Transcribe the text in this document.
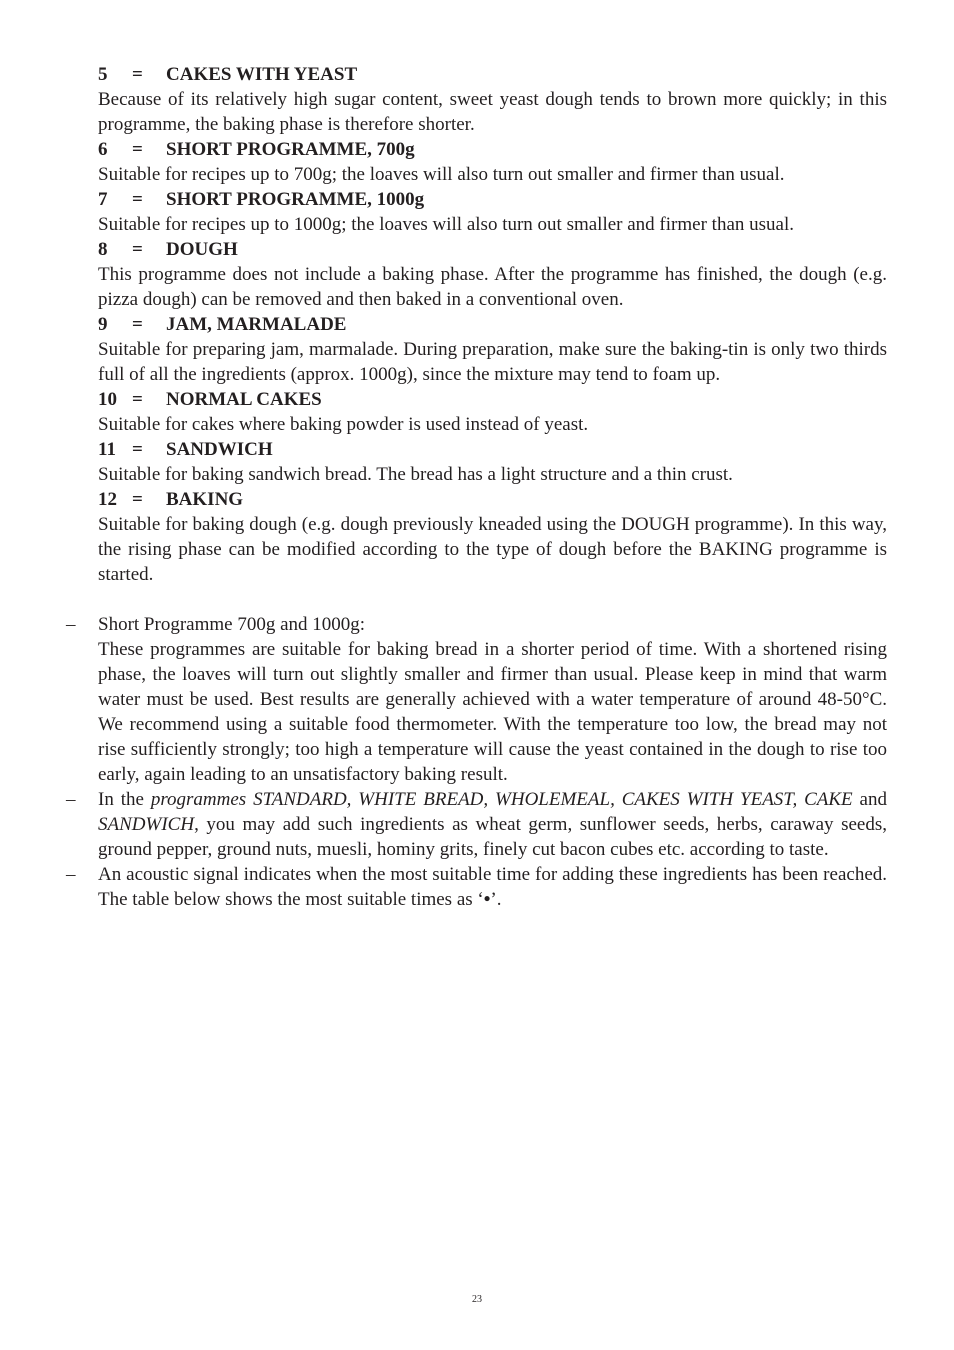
5	=	CAKES WITH YEAST

Because of its relatively high sugar content, sweet yeast dough tends to brown more quickly; in this programme, the baking phase is therefore shorter.

6	=	SHORT PROGRAMME, 700g

Suitable for recipes up to 700g; the loaves will also turn out smaller and firmer than usual.

7	=	SHORT PROGRAMME, 1000g

Suitable for recipes up to 1000g; the loaves will also turn out smaller and firmer than usual.

8	=	DOUGH

This programme does not include a baking phase. After the programme has finished, the dough (e.g. pizza dough) can be removed and then baked in a conventional oven.

9	=	JAM, MARMALADE

Suitable for preparing jam, marmalade. During preparation, make sure the baking-tin is only two thirds full of all the ingredients (approx. 1000g), since the mixture may tend to foam up.

10 =	NORMAL CAKES

Suitable for cakes where baking powder is used instead of yeast.

11 =	SANDWICH

Suitable for baking sandwich bread. The bread has a light structure and a thin crust.

12 =	BAKING

Suitable for baking dough (e.g. dough previously kneaded using the DOUGH programme). In this way, the rising phase can be modified according to the type of dough before the BAKING programme is started.

– Short Programme 700g and 1000g:
These programmes are suitable for baking bread in a shorter period of time. With a shortened rising phase, the loaves will turn out slightly smaller and firmer than usual. Please keep in mind that warm water must be used. Best results are generally achieved with a water temperature of around 48-50°C. We recommend using a suitable food thermometer. With the temperature too low, the bread may not rise sufficiently strongly; too high a temperature will cause the yeast contained in the dough to rise too early, again leading to an unsatisfactory baking result.
– In the programmes STANDARD, WHITE BREAD, WHOLEMEAL, CAKES WITH YEAST, CAKE and SANDWICH, you may add such ingredients as wheat germ, sunflower seeds, herbs, caraway seeds, ground pepper, ground nuts, muesli, hominy grits, finely cut bacon cubes etc. according to taste.
– An acoustic signal indicates when the most suitable time for adding these ingredients has been reached. The table below shows the most suitable times as ‘•’.
23
